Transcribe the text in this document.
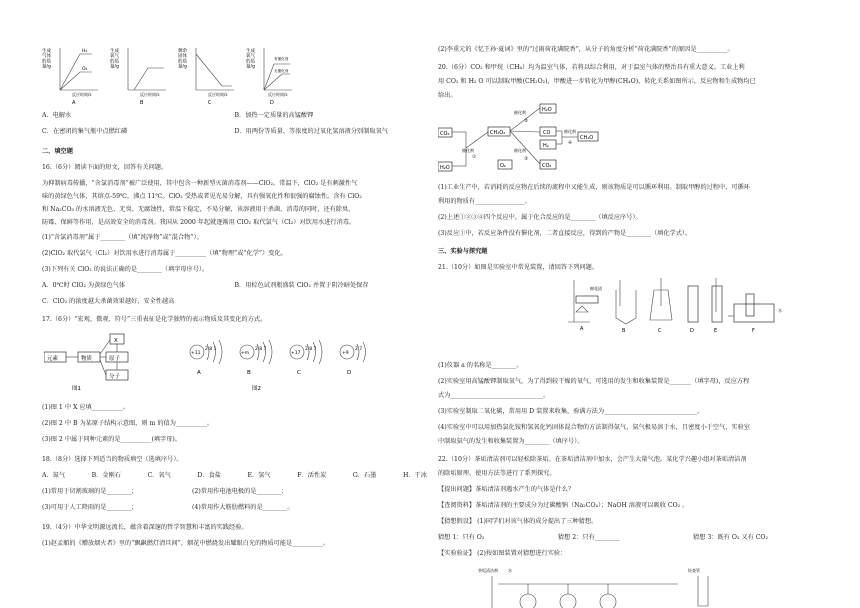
生成气体的质量/g
H₂
O₂
反应时间/s
A
生成氧气的质量/g
反应时间/s
B
剩余固体的质量/g
反应时间/s
C
生成氧气的质量/g
有催化剂
无催化剂
反应时间/s
D
A．电解水	B．加热一定质量的高锰酸钾
C．在密闭的集气瓶中点燃红磷	D．用两份等质量、等浓度的过氧化氢溶液分别制取氧气
二、填空题
16.（6分）阅读下面的短文，回答有关问题。
为抑制病毒传播，“含氯消毒剂”被广泛使用，其中包含一种新型灭菌消毒剂——ClO₂。常温下，ClO₂ 是有刺激性气
味的黄绿色气体，其熔点-59℃，沸点 11℃。ClO₂ 受热或者见光易分解，具有强氧化性和很强的腐蚀性。含有 ClO₂
和 Na₂CO₃ 的水溶液无色、无臭、无腐蚀性，常温下稳定，不易分解，该溶液用于杀菌、消毒的同时，还有除臭、
防霉、保鲜等作用，是高效安全的消毒剂。我国从 2000 年起就逐渐用 ClO₂ 取代氯气（Cl₂）对饮用水进行消毒。
(1)“含氯消毒剂”属于________（填“纯净物”或“混合物”）。
(2)ClO₂ 取代氯气（Cl₂）对饮用水进行消毒属于__________（填“物理”或“化学”）变化。
(3)下列有关 ClO₂ 的说法正确的是________（填字母序号）。
A．0℃时 ClO₂ 为黄绿色气体	B．用棕色试剂瓶盛装 ClO₂ 并置于阴冷暗处保存
C．ClO₂ 的浓度越大杀菌效果越好，安全性越高
17.（6分）“宏观、微观、符号”三重表征是化学独特的表示物质及其变化的方式。
元素	物质
X
原子
分子
图1
+11
2 8 1
A
+m
2 8 7
B
+17
2 8 7
C
+9
2 7
D
图2
(1)图 1 中 X 应填__________。
(2)图 2 中 B 为某原子结构示意图，则 m 的值为__________。
(3)图 2 中属于同种元素的是__________(填字母)。
18.（8分）选择下列适当的物质填空（选填序号）。
A．氮气	B．金刚石	C．氧气	D．食盐	E．氢气	F．活性炭	G．石墨	H．干冰
(1)常用于切割玻璃的是________；	(2)常用作电池电极的是________；
(3)可用于人工降雨的是________；	(4)常用作大筋肋燃料的是________。
19.（4分）中华文明源远流长，蕴含着深邃的哲学智慧和丰富的实践经验。
(1)赵孟頫的《赠放烟火者》里的“飘飖燃灯清旦间”，烟花中燃烧发出耀眼白光的物质可能是__________。
(2)李重元的《忆王孙·夏词》里的“过雨荷花满院香”，从分子的角度分析“荷花满院香”的原因是__________。
20.（6分）CO₂ 和甲烷（CH₄）均为温室气体，若将以综合利用，对于温室气体的整治具有重大意义。工业上利
用 CO₂ 和 H₂ O 可以制取甲酸(CH₂O₂)，甲酸进一步转化为甲醇(CH₄O)，转化关系如图所示，反应物和生成物均已
给出。
CO₂
H₂O
催化剂
①
CH₂O₂
催化剂
②
催化剂
③
H₂O
CO
H₂
CO₂
O₂
催化剂
④
CH₄O
(1)工业生产中，若消耗的反应物在后续的流程中又能生成，则该物质是可以循环利用。制取甲醇的过程中，可循环
利用的物质有________________。
(2)上述①②③④四个反应中，属于化合反应的是________（填反应序号）。
(3)反应①中，若反应条件没有催化剂，二者直接反应，得到的产物是________（填化学式）。
三、实验与探究题
21.（10分）如图是实验室中常见装置，请回答下列问题。
棉花团
A	B	C	D	E
水
F
(1)仪器 a 的名称是________。
(2)实验室用高锰酸钾制取氧气，为了得到较干燥的氧气，可选用的发生和收集装置是_______（填字母)，反应方程
式为______________________________。
(3)实验室制取二氧化碳，常用用 D 装置来收集，验满方法为______________________________。
(4)实验室中可以用加热氯化铵和氢氧化钙固体混合物的方法制得氨气，氨气极易溶于水，且密度小于空气，实验室
中制取氨气的发生和收集装置为________（填序号）。
22.（10分）茶垢清洁剂可以轻松除茶垢。在茶垢清洁剂中加水，会产生大量气泡。某化学兴趣小组对茶垢清洁剂
的除垢原理、使用方法等进行了系列探究。
【提出问题】茶垢清洁剂遇水产生的气体是什么？
【查阅资料】茶垢清洁剂的主要成分为过碳酸钠（Na₂CO₄）；NaOH 溶液可以吸收 CO₂ 。
【猜想假设】 (1)同学们对该气体的成分提出了三种猜想。
猜想 1：只有 O₂	猜想 2：只有________	猜想 3：既有 O₂ 又有 CO₂
【实验验证】 (2)按如图装置对猜想进行实验：
茶垢清洁剂	水	检查管
